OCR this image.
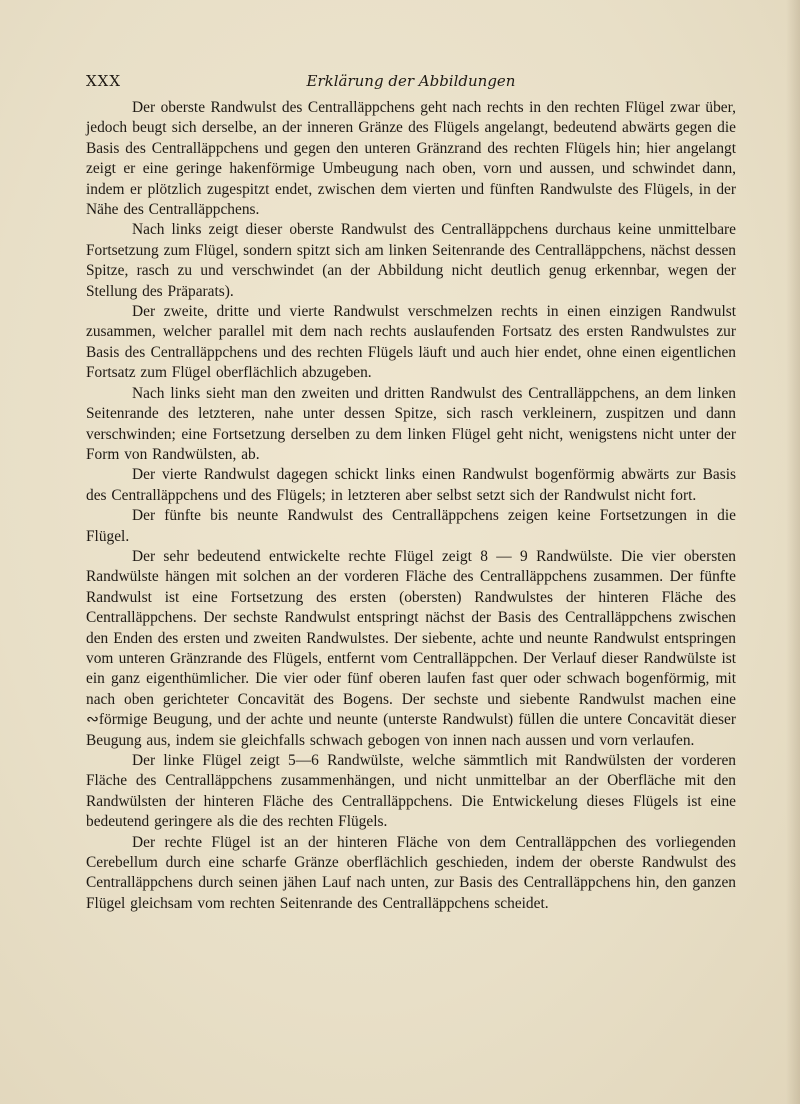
XXX	Erklärung der Abbildungen

Der oberste Randwulst des Centralläppchens geht nach rechts in den rechten Flügel zwar über, jedoch beugt sich derselbe, an der inneren Gränze des Flügels angelangt, bedeutend abwärts gegen die Basis des Centralläppchens und gegen den unteren Gränzrand des rechten Flügels hin; hier angelangt zeigt er eine geringe hakenförmige Umbeugung nach oben, vorn und aussen, und schwindet dann, indem er plötzlich zugespitzt endet, zwischen dem vierten und fünften Randwulste des Flügels, in der Nähe des Centralläppchens.

Nach links zeigt dieser oberste Randwulst des Centralläppchens durchaus keine unmittelbare Fortsetzung zum Flügel, sondern spitzt sich am linken Seitenrande des Centralläppchens, nächst dessen Spitze, rasch zu und verschwindet (an der Abbildung nicht deutlich genug erkennbar, wegen der Stellung des Präparats).

Der zweite, dritte und vierte Randwulst verschmelzen rechts in einen einzigen Randwulst zusammen, welcher parallel mit dem nach rechts auslaufenden Fortsatz des ersten Randwulstes zur Basis des Centralläppchens und des rechten Flügels läuft und auch hier endet, ohne einen eigentlichen Fortsatz zum Flügel oberflächlich abzugeben.

Nach links sieht man den zweiten und dritten Randwulst des Centralläppchens, an dem linken Seitenrande des letzteren, nahe unter dessen Spitze, sich rasch verkleinern, zuspitzen und dann verschwinden; eine Fortsetzung derselben zu dem linken Flügel geht nicht, wenigstens nicht unter der Form von Randwülsten, ab.

Der vierte Randwulst dagegen schickt links einen Randwulst bogenförmig abwärts zur Basis des Centralläppchens und des Flügels; in letzteren aber selbst setzt sich der Randwulst nicht fort.

Der fünfte bis neunte Randwulst des Centralläppchens zeigen keine Fortsetzungen in die Flügel.

Der sehr bedeutend entwickelte rechte Flügel zeigt 8 — 9 Randwülste. Die vier obersten Randwülste hängen mit solchen an der vorderen Fläche des Centralläppchens zusammen. Der fünfte Randwulst ist eine Fortsetzung des ersten (obersten) Randwulstes der hinteren Fläche des Centralläppchens. Der sechste Randwulst entspringt nächst der Basis des Centralläppchens zwischen den Enden des ersten und zweiten Randwulstes. Der siebente, achte und neunte Randwulst entspringen vom unteren Gränzrande des Flügels, entfernt vom Centralläppchen. Der Verlauf dieser Randwülste ist ein ganz eigenthümlicher. Die vier oder fünf oberen laufen fast quer oder schwach bogenförmig, mit nach oben gerichteter Concavität des Bogens. Der sechste und siebente Randwulst machen eine ∾förmige Beugung, und der achte und neunte (unterste Randwulst) füllen die untere Concavität dieser Beugung aus, indem sie gleichfalls schwach gebogen von innen nach aussen und vorn verlaufen.

Der linke Flügel zeigt 5—6 Randwülste, welche sämmtlich mit Randwülsten der vorderen Fläche des Centralläppchens zusammenhängen, und nicht unmittelbar an der Oberfläche mit den Randwülsten der hinteren Fläche des Centralläppchens. Die Entwickelung dieses Flügels ist eine bedeutend geringere als die des rechten Flügels.

Der rechte Flügel ist an der hinteren Fläche von dem Centralläppchen des vorliegenden Cerebellum durch eine scharfe Gränze oberflächlich geschieden, indem der oberste Randwulst des Centralläppchens durch seinen jähen Lauf nach unten, zur Basis des Centralläppchens hin, den ganzen Flügel gleichsam vom rechten Seitenrande des Centralläppchens scheidet.
